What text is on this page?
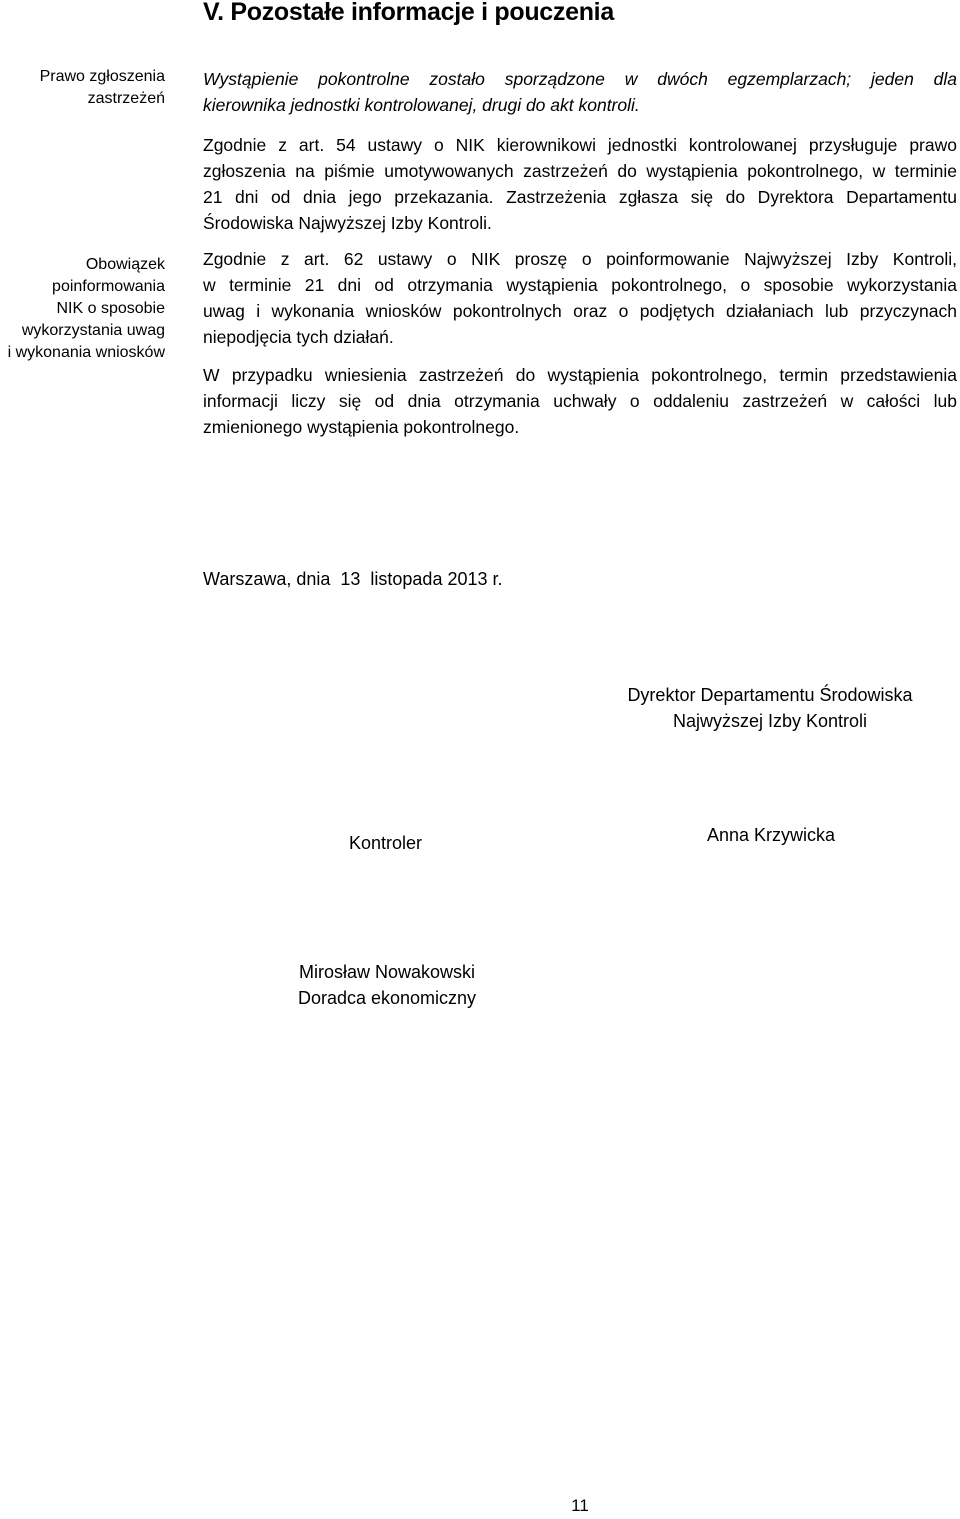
V. Pozostałe informacje i pouczenia
Prawo zgłoszenia
zastrzeżeń
Wystąpienie pokontrolne zostało sporządzone w dwóch egzemplarzach; jeden dla
kierownika jednostki kontrolowanej, drugi do akt kontroli.
Zgodnie z art. 54 ustawy o NIK kierownikowi jednostki kontrolowanej przysługuje prawo
zgłoszenia na piśmie umotywowanych zastrzeżeń do wystąpienia pokontrolnego, w terminie
21 dni od dnia jego przekazania. Zastrzeżenia zgłasza się do Dyrektora Departamentu
Środowiska Najwyższej Izby Kontroli.
Obowiązek
poinformowania
NIK o sposobie
wykorzystania uwag
i wykonania wniosków
Zgodnie z art. 62 ustawy o NIK proszę o poinformowanie Najwyższej Izby Kontroli,
w terminie 21 dni od otrzymania wystąpienia pokontrolnego, o sposobie wykorzystania
uwag i wykonania wniosków pokontrolnych oraz o podjętych działaniach lub przyczynach
niepodjęcia tych działań.
W przypadku wniesienia zastrzeżeń do wystąpienia pokontrolnego, termin przedstawienia
informacji liczy się od dnia otrzymania uchwały o oddaleniu zastrzeżeń w całości lub
zmienionego wystąpienia pokontrolnego.
Warszawa, dnia  13  listopada 2013 r.
Dyrektor Departamentu Środowiska
Najwyższej Izby Kontroli
Kontroler	Anna Krzywicka
Mirosław Nowakowski
Doradca ekonomiczny
11
